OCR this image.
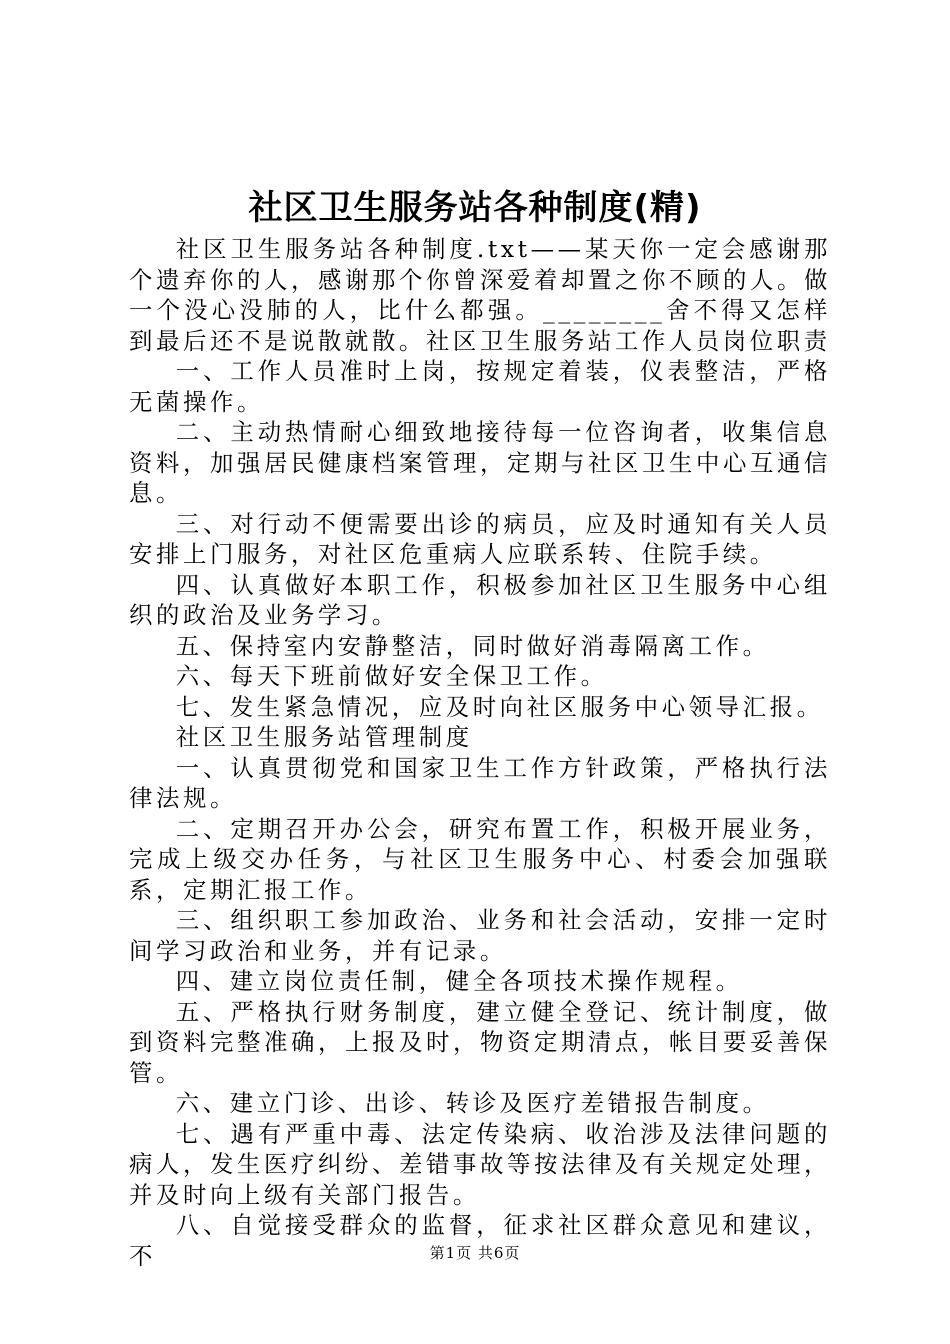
社区卫生服务站各种制度(精)

社区卫生服务站各种制度.txt——某天你一定会感谢那个遗弃你的人，感谢那个你曾深爱着却置之你不顾的人。做一个没心没肺的人，比什么都强。________舍不得又怎样到最后还不是说散就散。社区卫生服务站工作人员岗位职责

一、工作人员准时上岗，按规定着装，仪表整洁，严格无菌操作。

二、主动热情耐心细致地接待每一位咨询者，收集信息资料，加强居民健康档案管理，定期与社区卫生中心互通信息。

三、对行动不便需要出诊的病员，应及时通知有关人员安排上门服务，对社区危重病人应联系转、住院手续。

四、认真做好本职工作，积极参加社区卫生服务中心组织的政治及业务学习。

五、保持室内安静整洁，同时做好消毒隔离工作。

六、每天下班前做好安全保卫工作。

七、发生紧急情况，应及时向社区服务中心领导汇报。

社区卫生服务站管理制度

一、认真贯彻党和国家卫生工作方针政策，严格执行法律法规。

二、定期召开办公会，研究布置工作，积极开展业务，完成上级交办任务，与社区卫生服务中心、村委会加强联系，定期汇报工作。

三、组织职工参加政治、业务和社会活动，安排一定时间学习政治和业务，并有记录。

四、建立岗位责任制，健全各项技术操作规程。

五、严格执行财务制度，建立健全登记、统计制度，做到资料完整准确，上报及时，物资定期清点，帐目要妥善保管。

六、建立门诊、出诊、转诊及医疗差错报告制度。

七、遇有严重中毒、法定传染病、收治涉及法律问题的病人，发生医疗纠纷、差错事故等按法律及有关规定处理，并及时向上级有关部门报告。

八、自觉接受群众的监督，征求社区群众意见和建议，不	第1页 共6页
